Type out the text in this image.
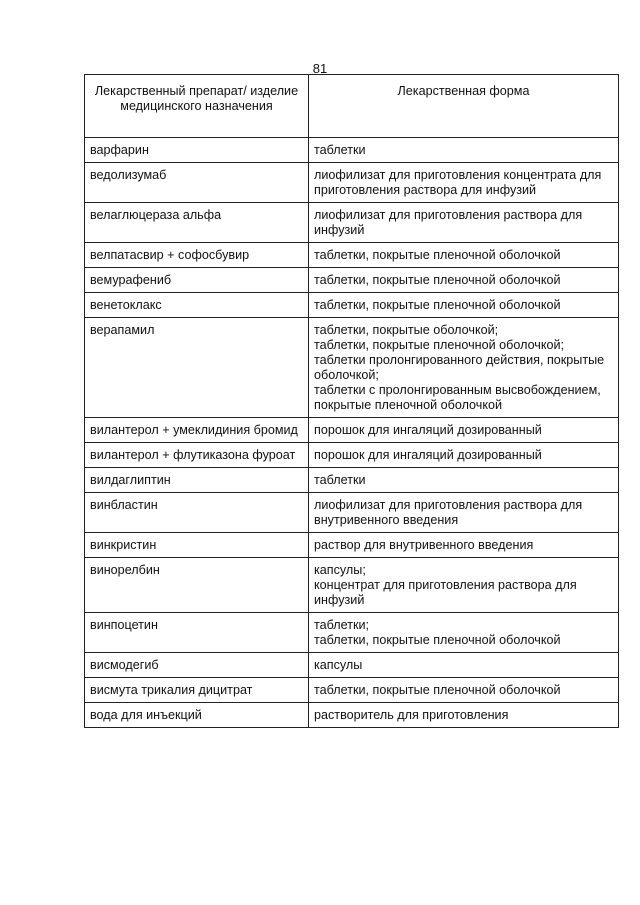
81
Лекарственный препарат/ изделие медицинского назначения	Лекарственная форма
варфарин	таблетки

ведолизумаб	лиофилизат для приготовления концентрата для приготовления раствора для инфузий

велаглюцераза альфа	лиофилизат для приготовления раствора для инфузий

велпатасвир + софосбувир	таблетки, покрытые пленочной оболочкой

вемурафениб	таблетки, покрытые пленочной оболочкой

венетоклакс	таблетки, покрытые пленочной оболочкой

верапамил	таблетки, покрытые оболочкой;
таблетки, покрытые пленочной оболочкой;
таблетки пролонгированного действия, покрытые оболочкой;
таблетки с пролонгированным высвобождением, покрытые пленочной оболочкой

вилантерол + умеклидиния бромид	порошок для ингаляций дозированный

вилантерол + флутиказона фуроат	порошок для ингаляций дозированный

вилдаглиптин	таблетки

винбластин	лиофилизат для приготовления раствора для внутривенного введения

винкристин	раствор для внутривенного введения

винорелбин	капсулы;
концентрат для приготовления раствора для инфузий

винпоцетин	таблетки;
таблетки, покрытые пленочной оболочкой

висмодегиб	капсулы

висмута трикалия дицитрат	таблетки, покрытые пленочной оболочкой

вода для инъекций	растворитель для приготовления
